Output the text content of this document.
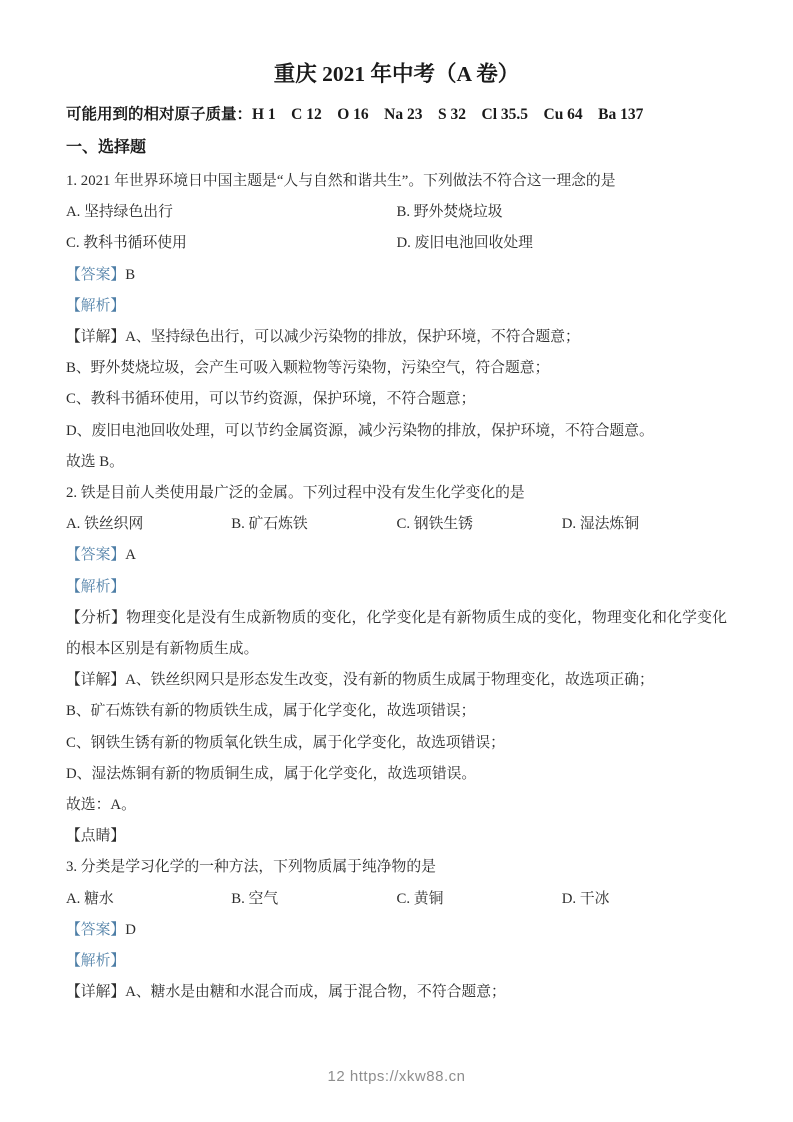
重庆 2021 年中考（A 卷）

可能用到的相对原子质量：H 1　C 12　O 16　Na 23　S 32　Cl 35.5　Cu 64　Ba 137

一、选择题

1. 2021 年世界环境日中国主题是“人与自然和谐共生”。下列做法不符合这一理念的是

A. 坚持绿色出行	B. 野外焚烧垃圾
C. 教科书循环使用	D. 废旧电池回收处理

【答案】B

【解析】

【详解】A、坚持绿色出行，可以减少污染物的排放，保护环境，不符合题意；

B、野外焚烧垃圾，会产生可吸入颗粒物等污染物，污染空气，符合题意；

C、教科书循环使用，可以节约资源，保护环境，不符合题意；

D、废旧电池回收处理，可以节约金属资源，减少污染物的排放，保护环境，不符合题意。

故选 B。

2. 铁是目前人类使用最广泛的金属。下列过程中没有发生化学变化的是

A. 铁丝织网	B. 矿石炼铁	C. 钢铁生锈	D. 湿法炼铜

【答案】A

【解析】

【分析】物理变化是没有生成新物质的变化，化学变化是有新物质生成的变化，物理变化和化学变化的根本区别是有新物质生成。

【详解】A、铁丝织网只是形态发生改变，没有新的物质生成属于物理变化，故选项正确；

B、矿石炼铁有新的物质铁生成，属于化学变化，故选项错误；

C、钢铁生锈有新的物质氧化铁生成，属于化学变化，故选项错误；

D、湿法炼铜有新的物质铜生成，属于化学变化，故选项错误。

故选：A。

【点睛】

3. 分类是学习化学的一种方法，下列物质属于纯净物的是

A. 糖水	B. 空气	C. 黄铜	D. 干冰

【答案】D

【解析】

【详解】A、糖水是由糖和水混合而成，属于混合物，不符合题意；

12 https://xkw88.cn
